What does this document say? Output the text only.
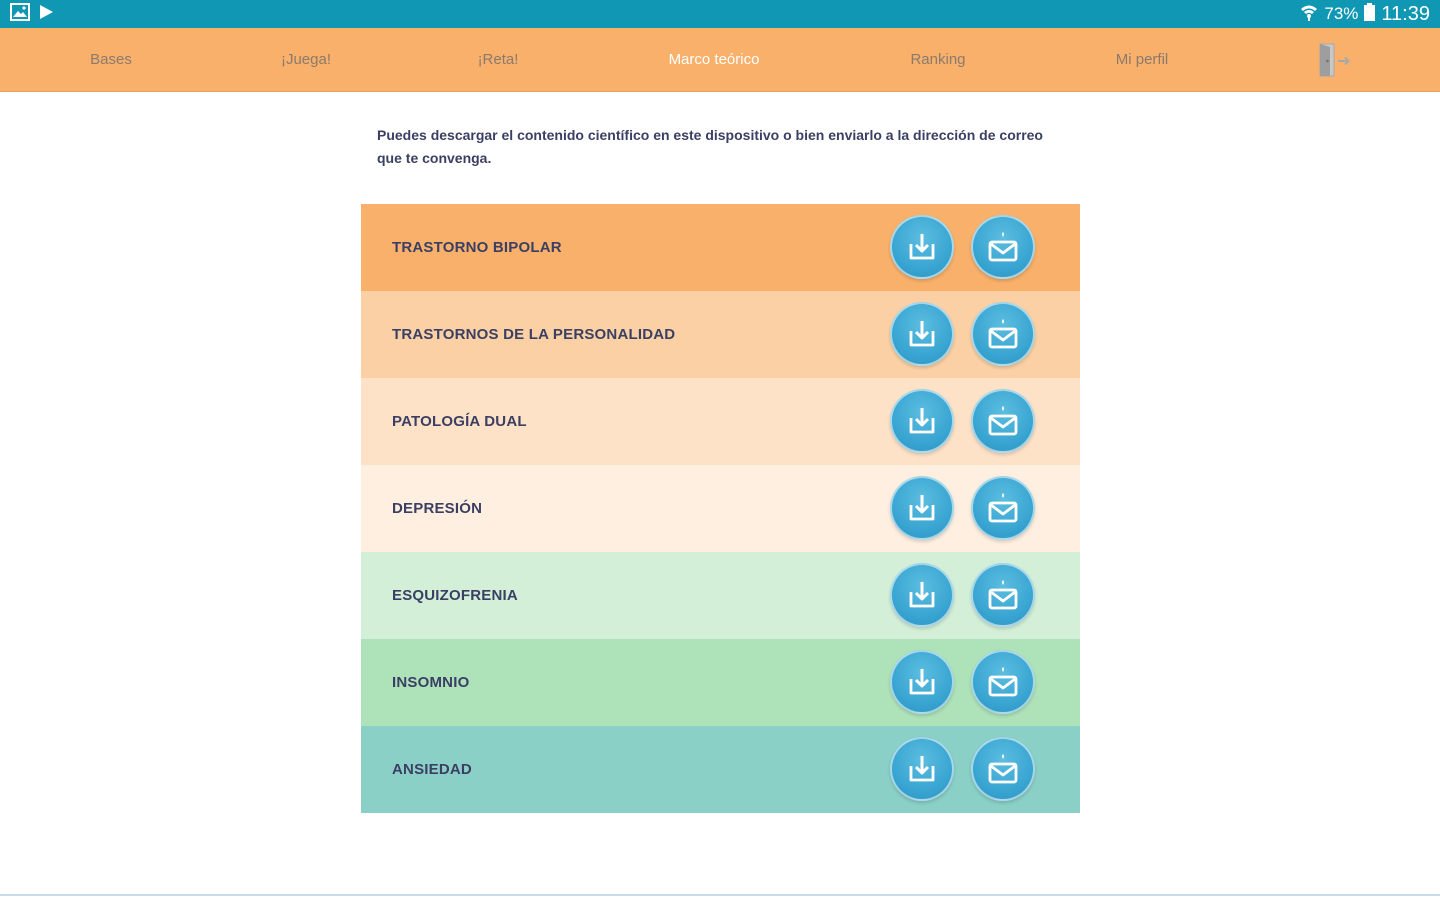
73% 11:39
Bases	¡Juega!	¡Reta!	Marco teórico	Ranking	Mi perfil

Puedes descargar el contenido científico en este dispositivo o bien enviarlo a la dirección de correo que te convenga.

TRASTORNO BIPOLAR
TRASTORNOS DE LA PERSONALIDAD
PATOLOGÍA DUAL
DEPRESIÓN
ESQUIZOFRENIA
INSOMNIO
ANSIEDAD
